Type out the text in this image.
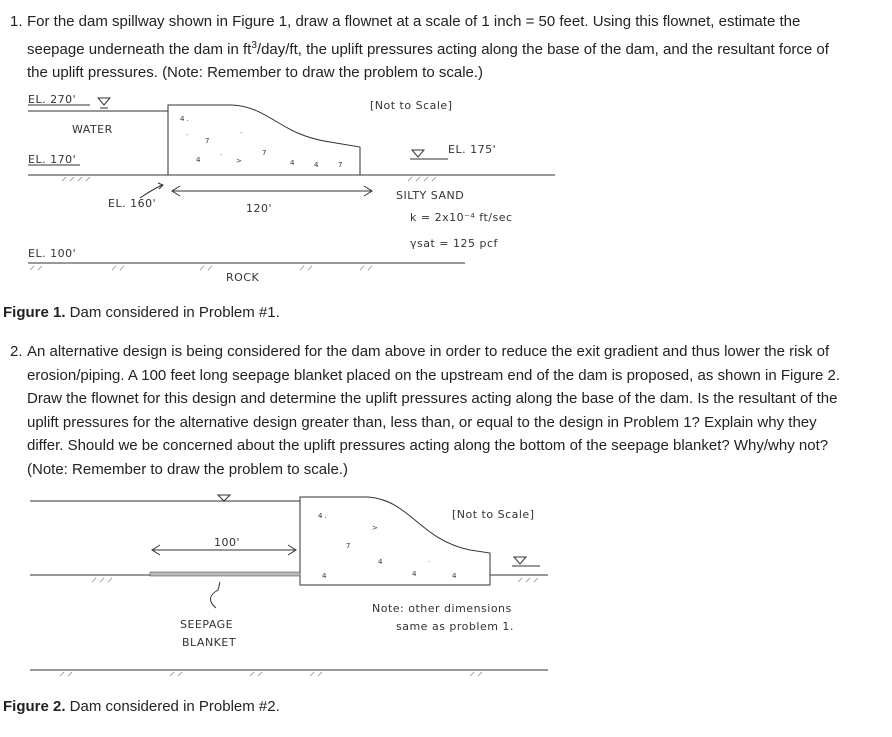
1. For the dam spillway shown in Figure 1, draw a flownet at a scale of 1 inch = 50 feet. Using this flownet, estimate the seepage underneath the dam in $ft^3/day/ft$, the uplift pressures acting along the base of the dam, and the resultant force of the uplift pressures. (Note: Remember to draw the problem to scale.)
EL. 270'
WATER
4 .
7
.
4	>
7
4	4	7
.
.
EL. 170'
[Not to Scale]
EL. 175'
EL. 160'	120'
SILTY SAND
k = 2x10⁻⁴ ft/sec
γsat = 125 pcf
EL. 100'
ROCK
Figure 1. Dam considered in Problem #1.
2. An alternative design is being considered for the dam above in order to reduce the exit gradient and thus lower the risk of erosion/piping. A 100 feet long seepage blanket placed on the upstream end of the dam is proposed, as shown in Figure 2. Draw the flownet for this design and determine the uplift pressures acting along the base of the dam. Is the resultant of the uplift pressures for the alternative design greater than, less than, or equal to the design in Problem 1? Explain why they differ. Should we be concerned about the uplift pressures acting along the bottom of the seepage blanket? Why/why not? (Note: Remember to draw the problem to scale.)
[Not to Scale]
4 .
7
4
4
4	4
>
.
100'
SEEPAGE
BLANKET
Note: other dimensions
same as problem 1.
Figure 2. Dam considered in Problem #2.
